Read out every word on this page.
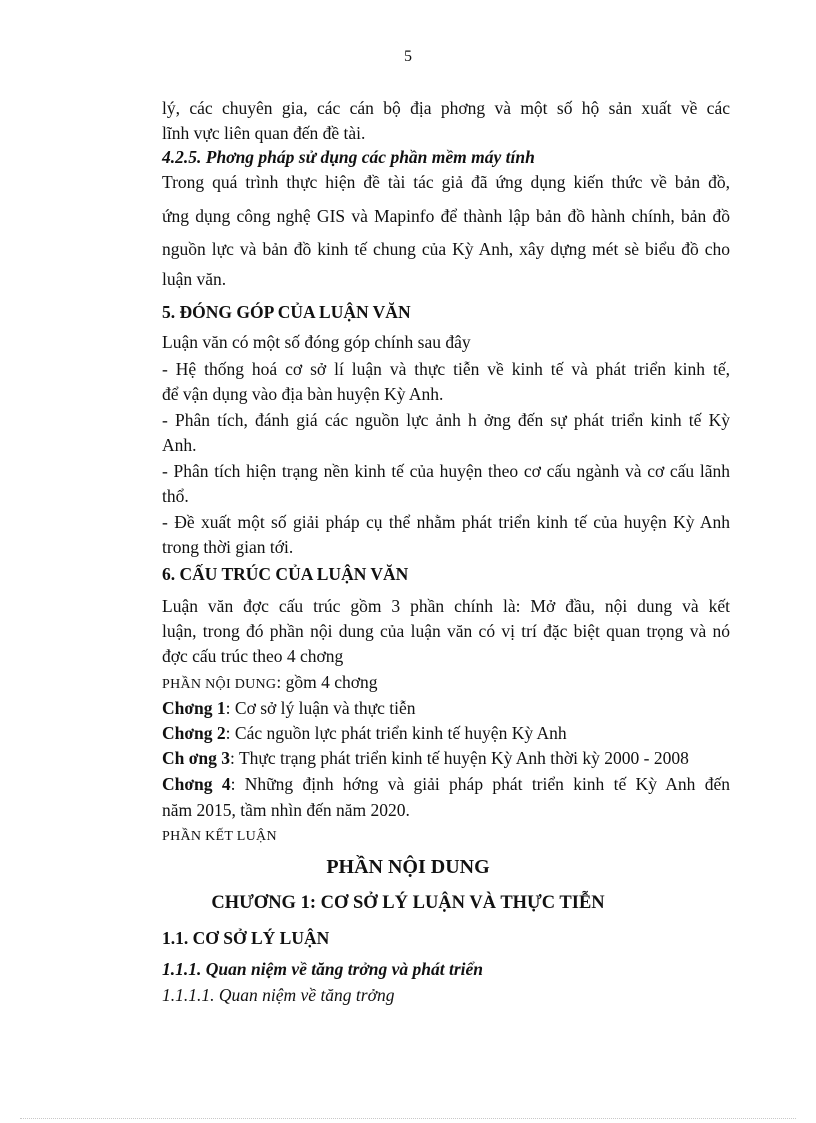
5
lý, các chuyên gia, các cán bộ địa phơng và một số hộ sản xuất về các
lĩnh vực liên quan đến đề tài.
4.2.5. Phơng pháp sử dụng các phần mềm máy tính
Trong quá trình thực hiện đề tài tác giả đã ứng dụng kiến thức về bản đồ,
ứng dụng công nghệ GIS và Mapinfo để thành lập bản đồ hành chính, bản đồ
nguồn lực và bản đồ kinh tế chung của Kỳ Anh, xây dựng mét sè biểu đồ cho
luận văn.
5. ĐÓNG GÓP CỦA LUẬN VĂN
Luận văn có một số đóng góp chính sau đây
- Hệ thống hoá cơ sở lí luận và thực tiễn về kinh tế và phát triển kinh tế,
để vận dụng vào địa bàn huyện Kỳ Anh.
- Phân tích, đánh giá các nguồn lực ảnh h ởng đến sự phát triển kinh tế Kỳ
Anh.
- Phân tích hiện trạng nền kinh tế của huyện theo cơ cấu ngành và cơ cấu lãnh
thổ.
- Đề xuất một số giải pháp cụ thể nhằm phát triển kinh tế của huyện Kỳ Anh
trong thời gian tới.
6. CẤU TRÚC CỦA LUẬN VĂN
Luận văn đợc cấu trúc gồm 3 phần chính là: Mở đầu, nội dung và kết
luận, trong đó phần nội dung của luận văn có vị trí đặc biệt quan trọng và nó
đợc cấu trúc theo 4 chơng
PHẦN NỘI DUNG: gồm 4 chơng
Chơng 1: Cơ sở lý luận và thực tiễn
Chơng 2: Các nguồn lực phát triển kinh tế huyện Kỳ Anh
Ch ơng 3: Thực trạng phát triển kinh tế huyện Kỳ Anh thời kỳ 2000 - 2008
Chơng 4: Những định hớng và giải pháp phát triển kinh tế Kỳ Anh đến
năm 2015, tầm nhìn đến năm 2020.
PHẦN KẾT LUẬN
PHẦN NỘI DUNG
CHƯƠNG 1: CƠ SỞ LÝ LUẬN VÀ THỰC TIỄN
1.1. CƠ SỞ LÝ LUẬN
1.1.1. Quan niệm về tăng trởng và phát triển
1.1.1.1. Quan niệm về tăng trởng
